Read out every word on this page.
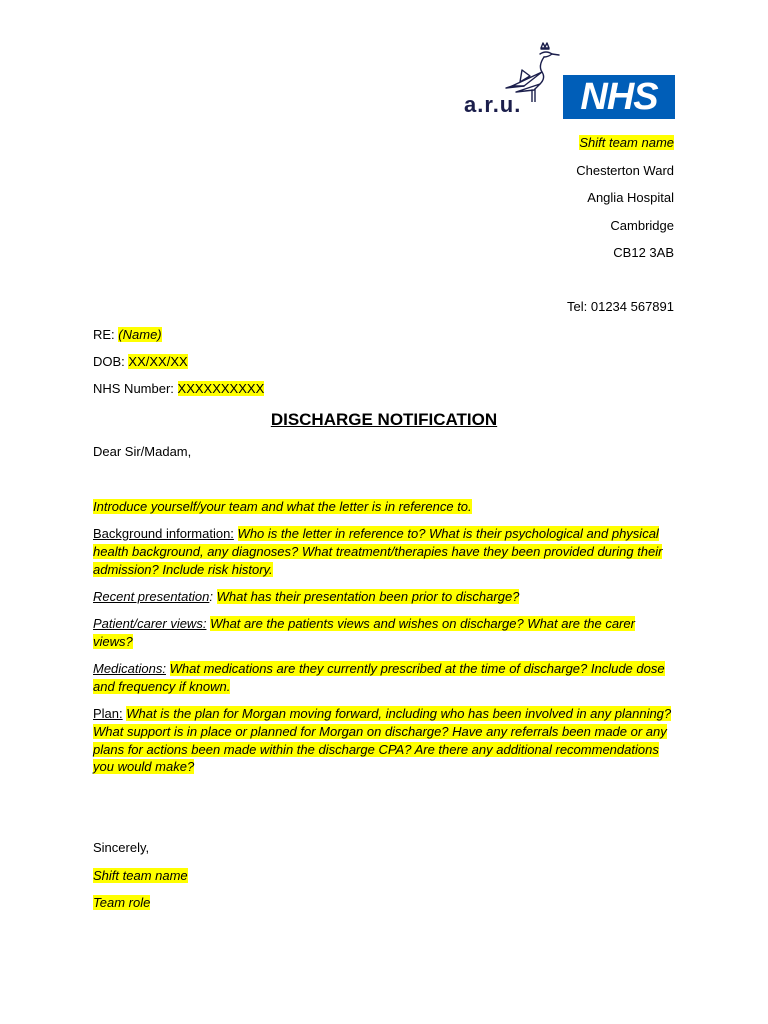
a.r.u. NHS
Shift team name
Chesterton Ward
Anglia Hospital
Cambridge
CB12 3AB
Tel: 01234 567891
RE: (Name)
DOB: XX/XX/XX
NHS Number: XXXXXXXXXX
DISCHARGE NOTIFICATION
Dear Sir/Madam,
Introduce yourself/your team and what the letter is in reference to.
Background information: Who is the letter in reference to? What is their psychological and physical health background, any diagnoses? What treatment/therapies have they been provided during their admission? Include risk history.
Recent presentation: What has their presentation been prior to discharge?
Patient/carer views: What are the patients views and wishes on discharge? What are the carer views?
Medications: What medications are they currently prescribed at the time of discharge? Include dose and frequency if known.
Plan: What is the plan for Morgan moving forward, including who has been involved in any planning? What support is in place or planned for Morgan on discharge? Have any referrals been made or any plans for actions been made within the discharge CPA? Are there any additional recommendations you would make?
Sincerely,
Shift team name
Team role
